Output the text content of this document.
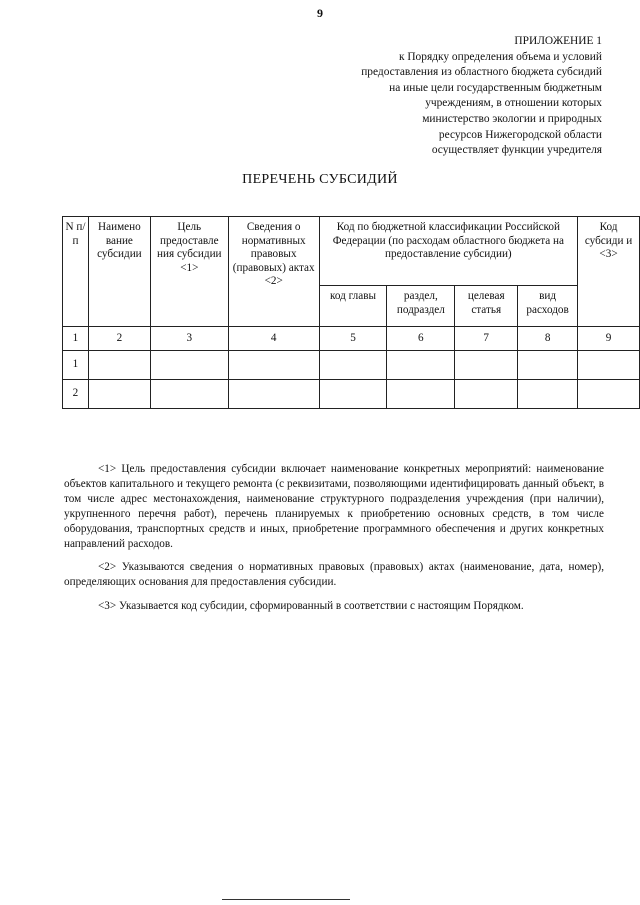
9
ПРИЛОЖЕНИЕ 1
к Порядку определения объема и условий
предоставления из областного бюджета субсидий
на иные цели государственным бюджетным
учреждениям, в отношении которых
министерство экологии и природных
ресурсов Нижегородской области
осуществляет функции учредителя
ПЕРЕЧЕНЬ СУБСИДИЙ
N п/п	Наимено вание субсидии	Цель предоставле ния субсидии <1>	Сведения о нормативных правовых (правовых) актах <2>	Код по бюджетной классификации Российской Федерации (по расходам областного бюджета на предоставление субсидии)				Код субсиди и <3>
				код главы	раздел, подраздел	целевая статья	вид расходов	
1	2	3	4	5	6	7	8	9
1								
2								

<1> Цель предоставления субсидии включает наименование конкретных мероприятий: наименование объектов капитального и текущего ремонта (с реквизитами, позволяющими идентифицировать данный объект, в том числе адрес местонахождения, наименование структурного подразделения учреждения (при наличии), укрупненного перечня работ), перечень планируемых к приобретению основных средств, в том числе оборудования, транспортных средств и иных, приобретение программного обеспечения и других конкретных направлений расходов.

<2> Указываются сведения о нормативных правовых (правовых) актах (наименование, дата, номер), определяющих основания для предоставления субсидии.

<3> Указывается код субсидии, сформированный в соответствии с настоящим Порядком.
